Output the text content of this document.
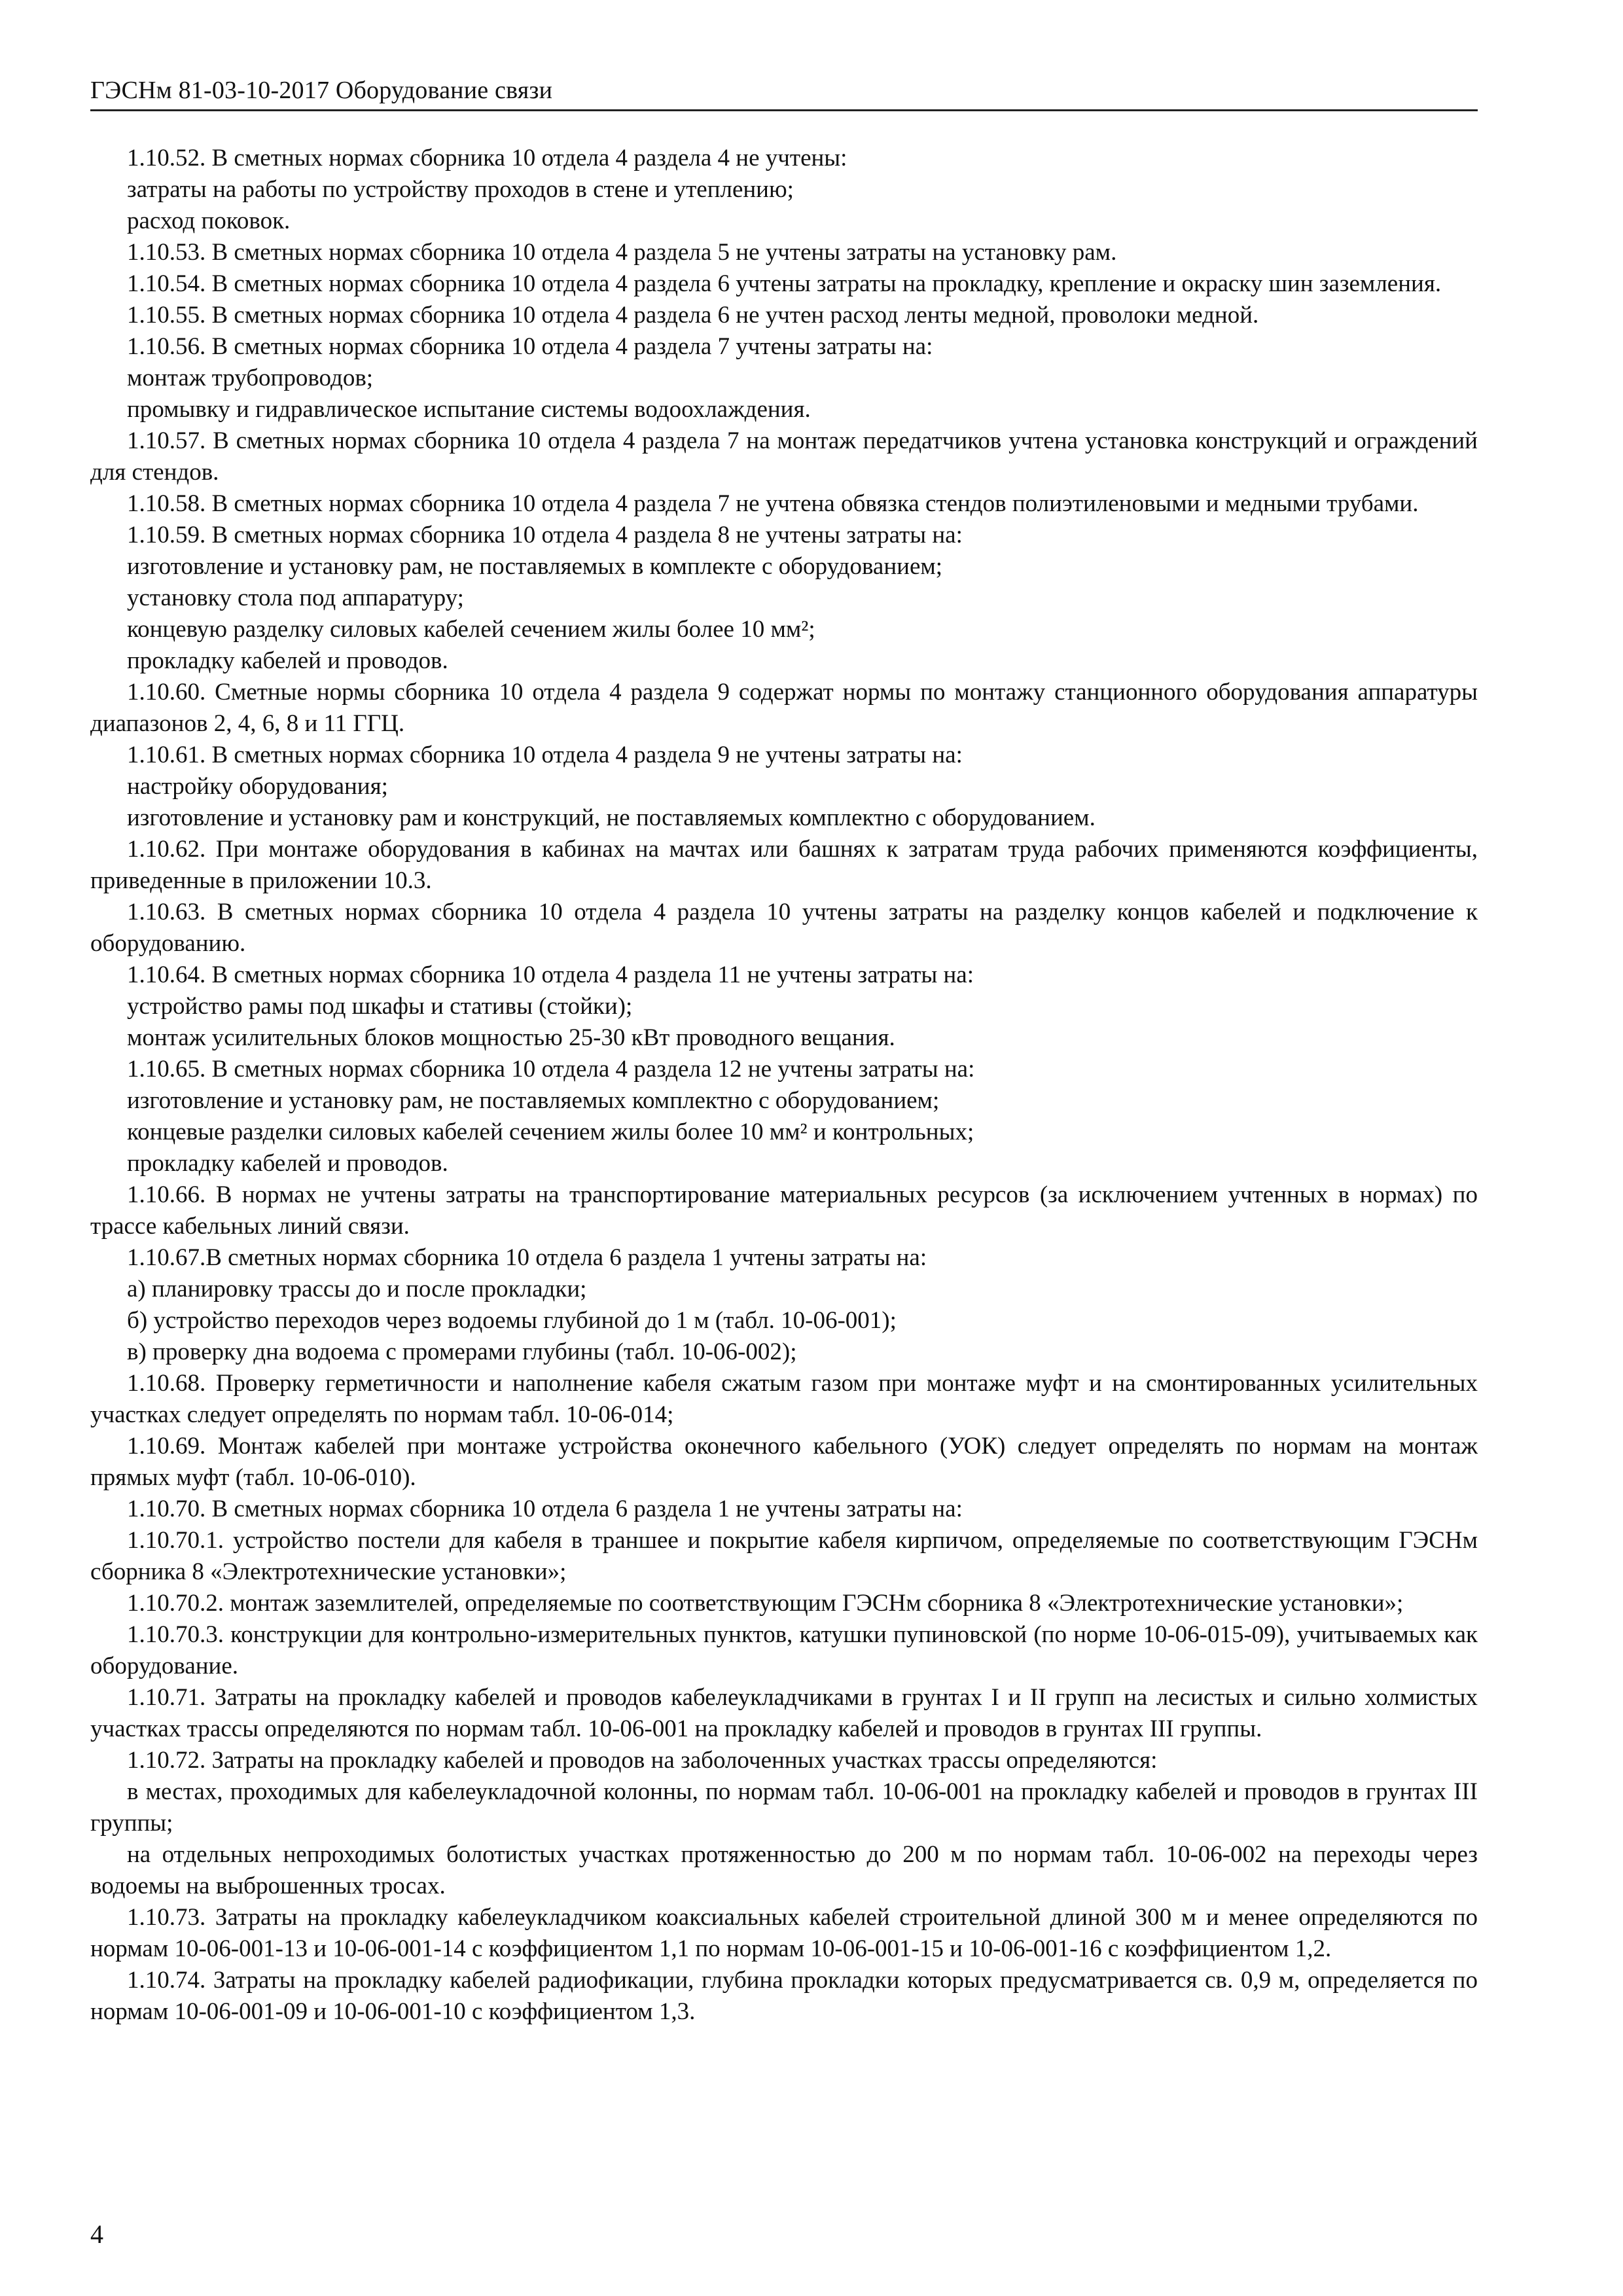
ГЭСНм 81-03-10-2017 Оборудование связи

1.10.52. В сметных нормах сборника 10 отдела 4 раздела 4 не учтены:

затраты на работы по устройству проходов в стене и утеплению;

расход поковок.

1.10.53. В сметных нормах сборника 10 отдела 4 раздела 5 не учтены затраты на установку рам.

1.10.54. В сметных нормах сборника 10 отдела 4 раздела 6 учтены затраты на прокладку, крепление и окраску шин заземления.

1.10.55. В сметных нормах сборника 10 отдела 4 раздела 6 не учтен расход ленты медной, проволоки медной.

1.10.56. В сметных нормах сборника 10 отдела 4 раздела 7 учтены затраты на:

монтаж трубопроводов;

промывку и гидравлическое испытание системы водоохлаждения.

1.10.57. В сметных нормах сборника 10 отдела 4 раздела 7 на монтаж передатчиков учтена установка конструкций и ограждений для стендов.

1.10.58. В сметных нормах сборника 10 отдела 4 раздела 7 не учтена обвязка стендов полиэтиленовыми и медными трубами.

1.10.59. В сметных нормах сборника 10 отдела 4 раздела 8 не учтены затраты на:

изготовление и установку рам, не поставляемых в комплекте с оборудованием;

установку стола под аппаратуру;

концевую разделку силовых кабелей сечением жилы более 10 мм²;

прокладку кабелей и проводов.

1.10.60. Сметные нормы сборника 10 отдела 4 раздела 9 содержат нормы по монтажу станционного оборудования аппаратуры диапазонов 2, 4, 6, 8 и 11 ГГЦ.

1.10.61. В сметных нормах сборника 10 отдела 4 раздела 9 не учтены затраты на:

настройку оборудования;

изготовление и установку рам и конструкций, не поставляемых комплектно с оборудованием.

1.10.62. При монтаже оборудования в кабинах на мачтах или башнях к затратам труда рабочих применяются коэффициенты, приведенные в приложении 10.3.

1.10.63. В сметных нормах сборника 10 отдела 4 раздела 10 учтены затраты на разделку концов кабелей и подключение к оборудованию.

1.10.64. В сметных нормах сборника 10 отдела 4 раздела 11 не учтены затраты на:

устройство рамы под шкафы и стативы (стойки);

монтаж усилительных блоков мощностью 25-30 кВт проводного вещания.

1.10.65. В сметных нормах сборника 10 отдела 4 раздела 12 не учтены затраты на:

изготовление и установку рам, не поставляемых комплектно с оборудованием;

концевые разделки силовых кабелей сечением жилы более 10 мм² и контрольных;

прокладку кабелей и проводов.

1.10.66. В нормах не учтены затраты на транспортирование материальных ресурсов (за исключением учтенных в нормах) по трассе кабельных линий связи.

1.10.67.В сметных нормах сборника 10 отдела 6 раздела 1 учтены затраты на:

а) планировку трассы до и после прокладки;

б) устройство переходов через водоемы глубиной до 1 м (табл. 10-06-001);

в) проверку дна водоема с промерами глубины (табл. 10-06-002);

1.10.68. Проверку герметичности и наполнение кабеля сжатым газом при монтаже муфт и на смонтированных усилительных участках следует определять по нормам табл. 10-06-014;

1.10.69. Монтаж кабелей при монтаже устройства оконечного кабельного (УОК) следует определять по нормам на монтаж прямых муфт (табл. 10-06-010).

1.10.70. В сметных нормах сборника 10 отдела 6 раздела 1 не учтены затраты на:

1.10.70.1. устройство постели для кабеля в траншее и покрытие кабеля кирпичом, определяемые по соответствующим ГЭСНм сборника 8 «Электротехнические установки»;

1.10.70.2. монтаж заземлителей, определяемые по соответствующим ГЭСНм сборника 8 «Электротехнические установки»;

1.10.70.3. конструкции для контрольно-измерительных пунктов, катушки пупиновской (по норме 10-06-015-09), учитываемых как оборудование.

1.10.71. Затраты на прокладку кабелей и проводов кабелеукладчиками в грунтах I и II групп на лесистых и сильно холмистых участках трассы определяются по нормам табл. 10-06-001 на прокладку кабелей и проводов в грунтах III группы.

1.10.72. Затраты на прокладку кабелей и проводов на заболоченных участках трассы определяются:

в местах, проходимых для кабелеукладочной колонны, по нормам табл. 10-06-001 на прокладку кабелей и проводов в грунтах III группы;

на отдельных непроходимых болотистых участках протяженностью до 200 м по нормам табл. 10-06-002 на переходы через водоемы на выброшенных тросах.

1.10.73. Затраты на прокладку кабелеукладчиком коаксиальных кабелей строительной длиной 300 м и менее определяются по нормам 10-06-001-13 и 10-06-001-14 с коэффициентом 1,1 по нормам 10-06-001-15 и 10-06-001-16 с коэффициентом 1,2.

1.10.74. Затраты на прокладку кабелей радиофикации, глубина прокладки которых предусматривается св. 0,9 м, определяется по нормам 10-06-001-09 и 10-06-001-10 с коэффициентом 1,3.

4
